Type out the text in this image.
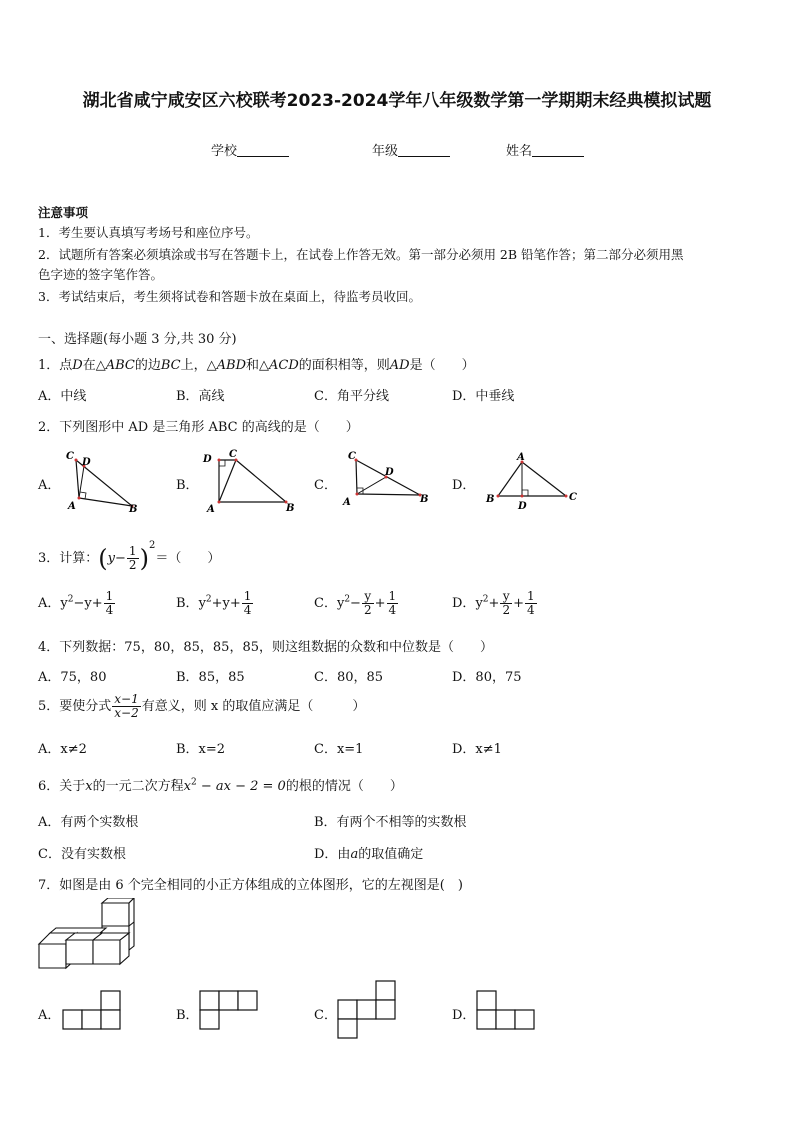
湖北省咸宁咸安区六校联考2023-2024学年八年级数学第一学期期末经典模拟试题
学校	年级	姓名
注意事项
1．考生要认真填写考场号和座位序号。
2．试题所有答案必须填涂或书写在答题卡上，在试卷上作答无效。第一部分必须用 2B 铅笔作答；第二部分必须用黑
色字迹的签字笔作答。
3．考试结束后，考生须将试卷和答题卡放在桌面上，待监考员收回。
一、选择题(每小题 3 分,共 30 分)
1．点D在△ABC的边BC上，△ABD和△ACD的面积相等，则AD是（　　）
A．中线	B．高线	C．角平分线	D．中垂线
2．下列图形中 AD 是三角形 ABC 的高线的是（　　）
A．	B．	C．	D．
C
D
A	B
D C
A	B
C
D
A	B
A
B
D
C
3．计算：$(y- \frac{1}{2} )^2=$（　　）
A．$y^2-y+ \frac{1}{4}$	B．$y^2+y+ \frac{1}{4}$	C．$y^2- \frac{y}{2} + \frac{1}{4}$	D．$y^2+ \frac{y}{2} + \frac{1}{4}$
4．下列数据：75，80，85，85，85，则这组数据的众数和中位数是（　　）
A．75，80	B．85，85	C．80，85	D．80，75
5．要使分式 $\frac{x-1}{x-2}$ 有意义，则 x 的取值应满足（　　　）
A．x≠2	B．x=2	C．x=1	D．x≠1
6．关于x的一元二次方程$x^2$ − ax − 2 = 0的根的情况（　　）
A．有两个实数根	B．有两个不相等的实数根
C．没有实数根	D．由a的取值确定
7．如图是由 6 个完全相同的小正方体组成的立体图形，它的左视图是(　)
A．	B．	C．	D．
